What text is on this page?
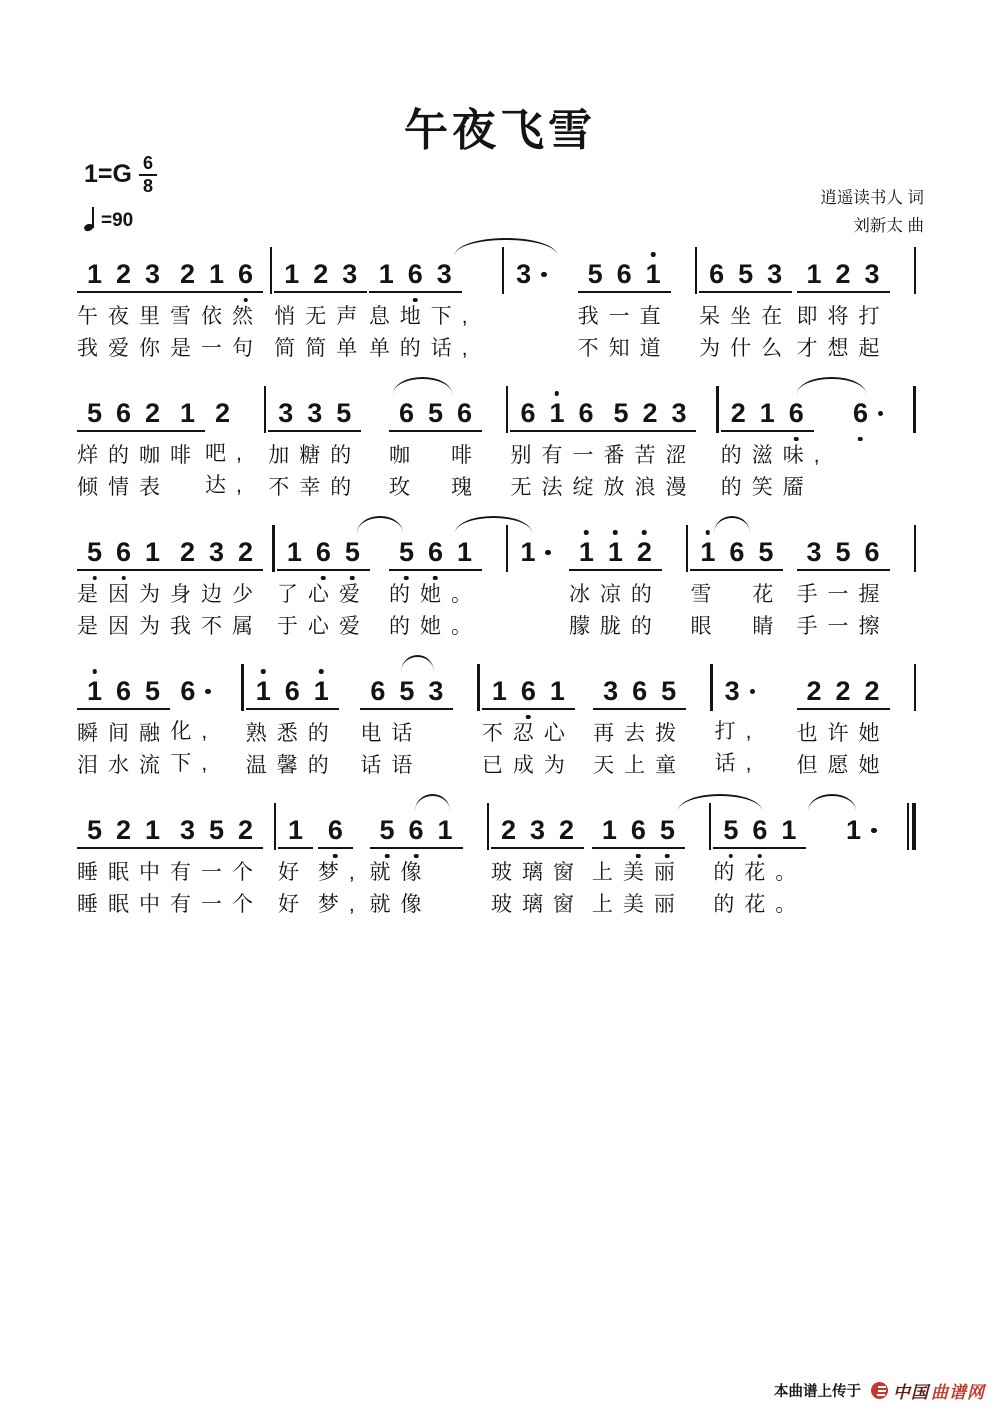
午夜飞雪
$1=G \frac{6}{8}$
=90
逍遥读书人 词
刘新太 曲
1 2 3
午夜里
我爱你
2 1 6
雪依然
是一句
1 2 3
悄无声
简简单
1 6 3
息地下,
单的话,
3 5 6 1
我一直
不知道
6 5 3
呆坐在
为什么
1 2 3
即将打
才想起
5 6 2
烊的咖
倾情表
1
啡
2
吧,
达,
3 3 5
加糖的
不幸的
6 5 6
咖　啡
玫　瑰
6 1 6
别有一
无法绽
5 2 3
番苦涩
放浪漫
2 1 6
的滋味,
的笑靥
6
5 6 1
是因为
是因为
2 3 2
身边少
我不属
1 6 5
了心爱
于心爱
5 6 1
的她。
的她。
1 1 1 2
冰凉的
朦胧的
1 6 5
雪　花
眼　睛
3 5 6
手一握
手一擦
1 6 5
瞬间融
泪水流
6
化,
下,
1 6 1
熟悉的
温馨的
6 5 3
电话
话语
1 6 1
不忍心
已成为
3 6 5
再去拨
天上童
3
打,
话,
2 2 2
也许她
但愿她
5 2 1
睡眠中
睡眠中
3 5 2
有一个
有一个
1
好
好
6
梦,
梦,
5 6 1
就像
就像
2 3 2
玻璃窗
玻璃窗
1 6 5
上美丽
上美丽
5 6 1
的花。
的花。
1
本曲谱上传于 中国 曲谱网
